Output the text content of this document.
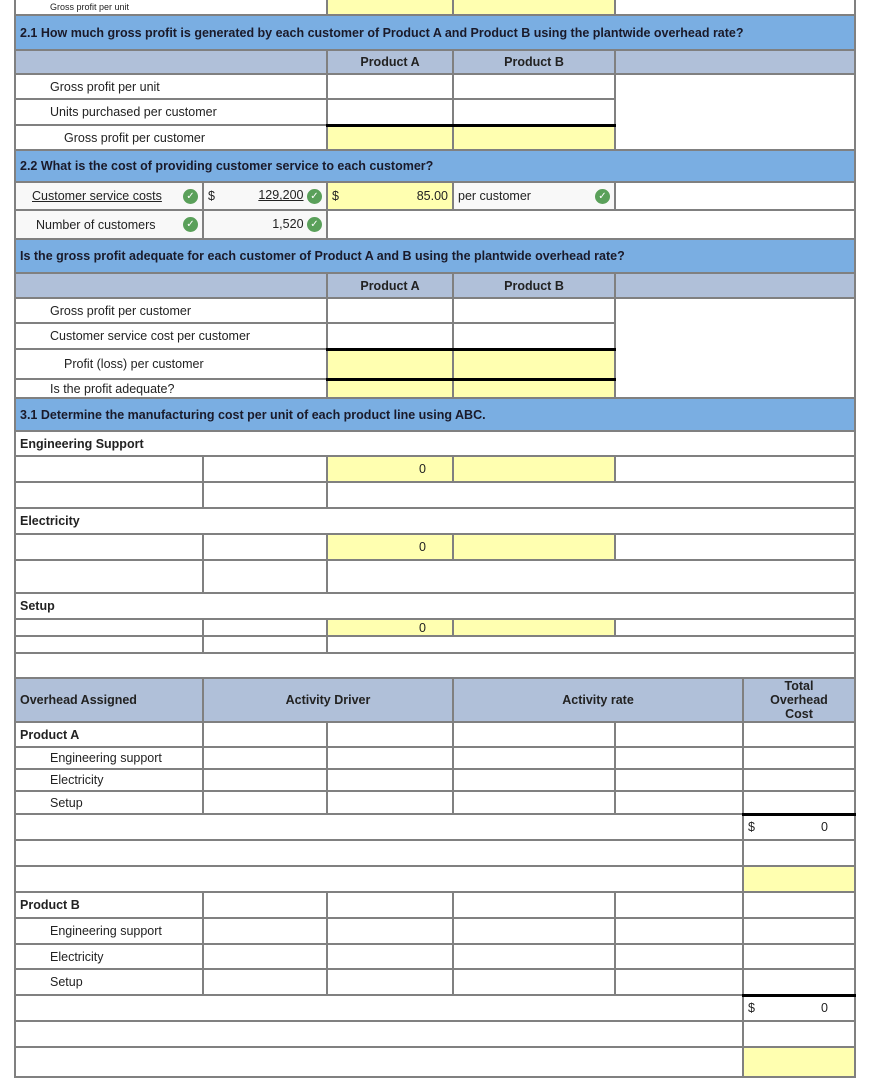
Gross profit per unit					
2.1 How much gross profit is generated by each customer of Product A and Product B using the plantwide overhead rate?					
		Product A	Product B		
Gross profit per unit					
Units purchased per customer					
Gross profit per customer					
2.2 What is the cost of providing customer service to each customer?					

Customer service costs ✓	$ 129,200 ✓	$ 85.00	per customer ✓		

Number of customers ✓	1,520 ✓				
Is the gross profit adequate for each customer of Product A and B using the plantwide overhead rate?					
		Product A	Product B		
Gross profit per customer					
Customer service cost per customer					
Profit (loss) per customer					
Is the profit adequate?					
3.1 Determine the manufacturing cost per unit of each product line using ABC.					
Engineering Support					
		0			

Electricity					
		0			

Setup					
		0			

Overhead Assigned	Activity Driver		Activity rate		Total Overhead Cost
Product A					
Engineering support					
Electricity					
Setup					

					$ 0

Product B					
Engineering support					
Electricity					
Setup					

					$ 0
